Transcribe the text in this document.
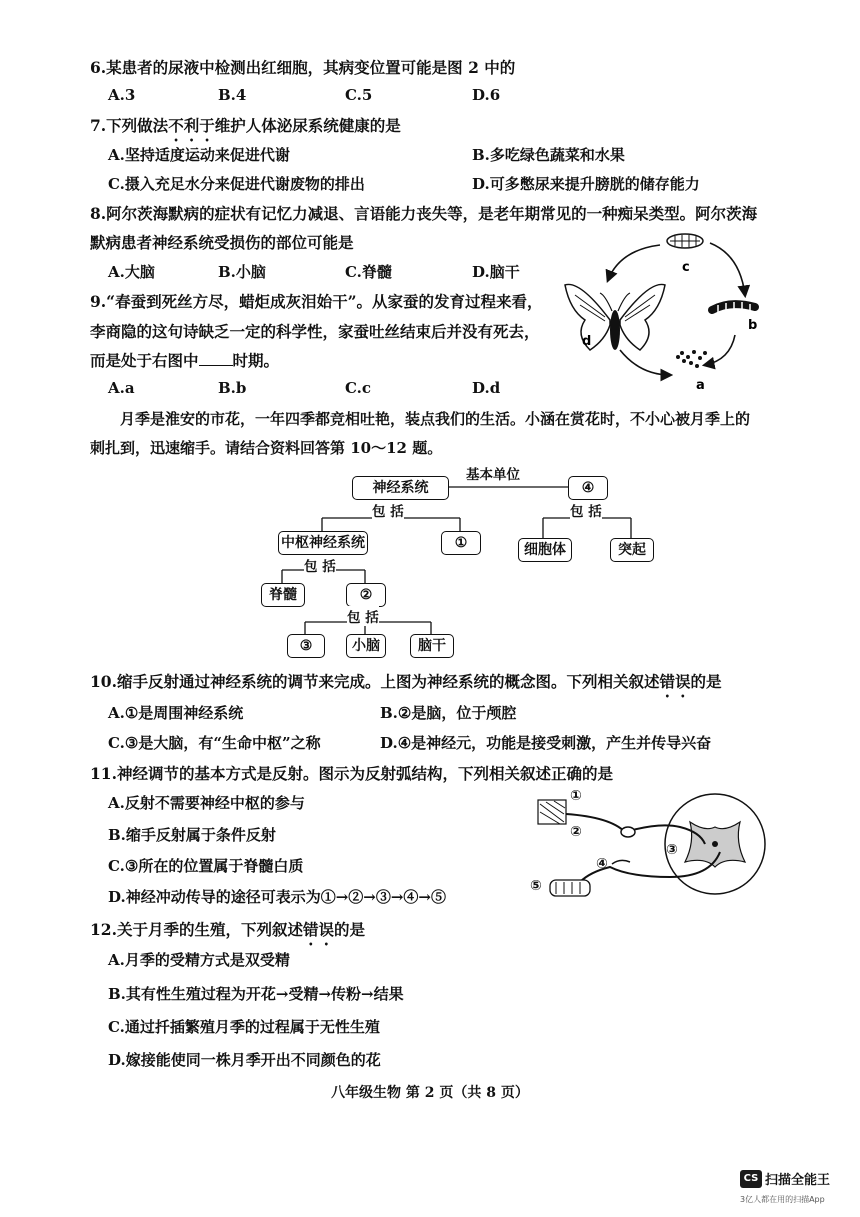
6.某患者的尿液中检测出红细胞，其病变位置可能是图 2 中的
A.3	B.4	C.5	D.6
7.下列做法不利于维护人体泌尿系统健康的是
A.坚持适度运动来促进代谢	B.多吃绿色蔬菜和水果
C.摄入充足水分来促进代谢废物的排出	D.可多憋尿来提升膀胱的储存能力
8.阿尔茨海默病的症状有记忆力减退、言语能力丧失等，是老年期常见的一种痴呆类型。阿尔茨海
默病患者神经系统受损伤的部位可能是
A.大脑	B.小脑	C.脊髓	D.脑干
9.“春蚕到死丝方尽，蜡炬成灰泪始干”。从家蚕的发育过程来看，
李商隐的这句诗缺乏一定的科学性，家蚕吐丝结束后并没有死去，
而是处于右图中 时期。
A.a	B.b	C.c	D.d
c
b
a
d
月季是淮安的市花，一年四季都竞相吐艳，装点我们的生活。小涵在赏花时，不小心被月季上的刺扎到，迅速缩手。请结合资料回答第 10～12 题。
基本单位
神经系统	④
包 括	包 括
中枢神经系统	①	细胞体	突起
包 括
脊髓	②
包 括
③	小脑	脑干
10.缩手反射通过神经系统的调节来完成。上图为神经系统的概念图。下列相关叙述错误的是
A.①是周围神经系统	B.②是脑，位于颅腔
C.③是大脑，有“生命中枢”之称	D.④是神经元，功能是接受刺激，产生并传导兴奋
11.神经调节的基本方式是反射。图示为反射弧结构，下列相关叙述正确的是
A.反射不需要神经中枢的参与
B.缩手反射属于条件反射
C.③所在的位置属于脊髓白质
D.神经冲动传导的途径可表示为①→②→③→④→⑤
①
②
③
④
⑤
12.关于月季的生殖，下列叙述错误的是
A.月季的受精方式是双受精
B.其有性生殖过程为开花→受精→传粉→结果
C.通过扦插繁殖月季的过程属于无性生殖
D.嫁接能使同一株月季开出不同颜色的花
八年级生物 第 2 页（共 8 页）
CS 扫描全能王
3亿人都在用的扫描App
